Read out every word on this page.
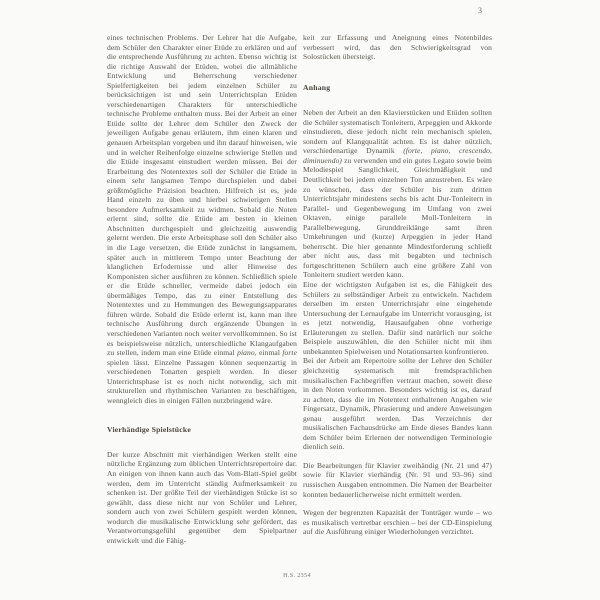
3

eines technischen Problems. Der Lehrer hat die Aufgabe, dem Schüler den Charakter einer Etüde zu erklären und auf die entsprechende Ausführung zu achten. Ebenso wichtig ist die richtige Auswahl der Etüden, wobei die allmähliche Entwicklung und Beherrschung verschiedener Spielfertigkeiten bei jedem einzelnen Schüler zu berücksichtigen ist und sein Unterrichtsplan Etüden verschiedenartigen Charakters für unterschiedliche technische Probleme enthalten muss. Bei der Arbeit an einer Etüde sollte der Lehrer dem Schüler den Zweck der jeweiligen Aufgabe genau erläutern, ihm einen klaren und genauen Arbeitsplan vorgeben und ihn darauf hinweisen, wie und in welcher Reihenfolge einzelne schwierige Stellen und die Etüde insgesamt einstudiert werden müssen. Bei der Erarbeitung des Notentextes soll der Schüler die Etüde in einem sehr langsamen Tempo durchspielen und dabei größtmögliche Präzision beachten. Hilfreich ist es, jede Hand einzeln zu üben und hierbei schwierigen Stellen besondere Aufmerksamkeit zu widmen. Sobald die Noten erlernt sind, sollte die Etüde am besten in kleinen Abschnitten durchgespielt und gleichzeitig auswendig gelernt werden. Die erste Arbeitsphase soll den Schüler also in die Lage versetzen, die Etüde zunächst in langsamem, später auch in mittlerem Tempo unter Beachtung der klanglichen Erfodernisse und aller Hinweise des Komponisten sicher ausführen zu können. Schließlich spiele er die Etüde schneller, vermeide dabei jedoch ein übermäßiges Tempo, das zu einer Entstellung des Notentextes und zu Hemmungen des Bewegungsapparates führen würde. Sobald die Etüde erlernt ist, kann man ihre technische Ausführung durch ergänzende Übungen in verschiedenen Varianten noch weiter vervollkommnen. So ist es beispielsweise nützlich, unterschiedliche Klangaufgaben zu stellen, indem man eine Etüde einmal piano, einmal forte spielen lässt. Einzelne Passagen können sequenzartig in verschiedenen Tonarten gespielt werden. In dieser Unterrichtsphase ist es noch nicht notwendig, sich mit strukturellen und rhythmischen Varianten zu beschäftigen, wenngleich dies in einigen Fällen nutzbringend wäre.

Vierhändige Spielstücke

Der kurze Abschnitt mit vierhändigen Werken stellt eine nützliche Ergänzung zum üblichen Unterrichtsrepertoire dar. An einigen von ihnen kann auch das Vom-Blatt-Spiel geübt werden, dem im Unterricht ständig Aufmerksamkeit zu schenken ist. Der größte Teil der vierhändigen Stücke ist so gewählt, dass diese nicht nur von Schüler und Lehrer, sondern auch von zwei Schülern gespielt werden können, wodurch die musikalische Entwicklung sehr gefördert, das Verantwortungsgefühl gegenüber dem Spielpartner entwickelt und die Fähig-

keit zur Erfassung und Aneignung eines Notenbildes verbessert wird, das den Schwierigkeitsgrad von Solostücken übersteigt.

Anhang

Neben der Arbeit an den Klavierstücken und Etüden sollten die Schüler systematisch Tonleitern, Arpeggien und Akkorde einstudieren, diese jedoch nicht rein mechanisch spielen, sondern auf Klangqualität achten. Es ist daher nützlich, verschiedenartige Dynamik (forte, piano, crescendo, diminuendo) zu verwenden und ein gutes Legato sowie beim Melodiespiel Sanglichkeit, Gleichmäßigkeit und Deutlichkeit bei jedem einzelnen Ton anzustreben. Es wäre zu wünschen, dass der Schüler bis zum dritten Unterrichtsjahr mindestens sechs bis acht Dur-Tonleitern in Parallel- und Gegenbewegung im Umfang von zwei Oktaven, einige parallele Moll-Tonleitern in Parallelbewegung, Grunddreiklänge samt ihren Umkehrungen und (kurze) Arpeggien in jeder Hand beherrscht. Die hier genannte Mindestforderung schließt aber nicht aus, dass mit begabten und technisch fortgeschrittenen Schülern auch eine größere Zahl von Tonleitern studiert werden kann.

Eine der wichtigsten Aufgaben ist es, die Fähigkeit des Schülers zu selbständiger Arbeit zu entwickeln. Nachdem derselben im ersten Unterrichtsjahr eine eingehende Untersuchung der Lernaufgabe im Unterricht vorausging, ist es jetzt notwendig, Hausaufgaben ohne vorherige Erläuterungen zu stellen. Dafür sind natürlich nur solche Beispiele auszuwählen, die den Schüler nicht mit ihm unbekannten Spielweisen und Notationsarten konfrontieren.

Bei der Arbeit am Repertoire sollte der Lehrer den Schüler gleichzeitig systematisch mit fremdsprachlichen musikalischen Fachbegriffen vertraut machen, soweit diese in den Noten vorkommen. Besonders wichtig ist es, darauf zu achten, dass die im Notentext enthaltenen Angaben wie Fingersatz, Dynamik, Phrasierung und andere Anweisungen genau ausgeführt werden. Das Verzeichnis der musikalischen Fachausdrücke am Ende dieses Bandes kann dem Schüler beim Erlernen der notwendigen Terminologie dienlich sein.

Die Bearbeitungen für Klavier zweihändig (Nr. 21 und 47) sowie für Klavier vierhändig (Nr. 91 und 93–96) sind russischen Ausgaben entnommen. Die Namen der Bearbeiter konnten bedauerlicherweise nicht ermittelt werden.

Wegen der begrenzten Kapazität der Tonträger wurde – wo es musikalisch vertretbar erschien – bei der CD-Einspielung auf die Ausführung einiger Wiederholungen verzichtet.

H.S. 2354
